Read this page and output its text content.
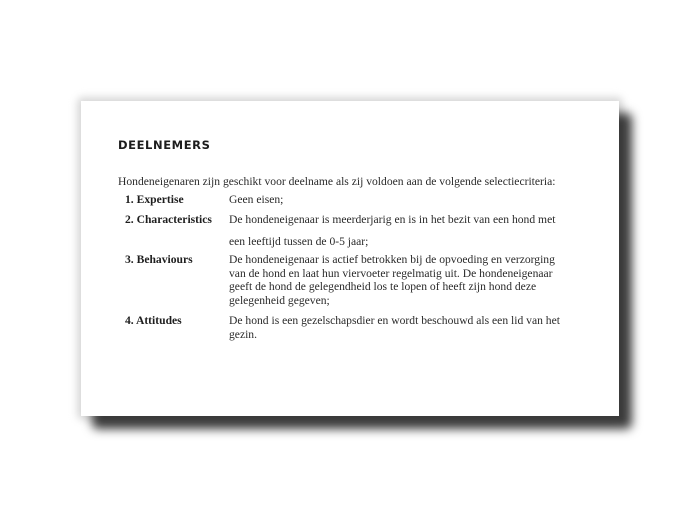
DEELNEMERS
Hondeneigenaren zijn geschikt voor deelname als zij voldoen aan de volgende selectiecriteria:
1. Expertise	Geen eisen;
2. Characteristics	De hondeneigenaar is meerderjarig en is in het bezit van een hond met
een leeftijd tussen de 0-5 jaar;
3. Behaviours	De hondeneigenaar is actief betrokken bij de opvoeding en verzorging
van de hond en laat hun viervoeter regelmatig uit. De hondeneigenaar
geeft de hond de gelegendheid los te lopen of heeft zijn hond deze
gelegenheid gegeven;
4. Attitudes	De hond is een gezelschapsdier en wordt beschouwd als een lid van het
gezin.
